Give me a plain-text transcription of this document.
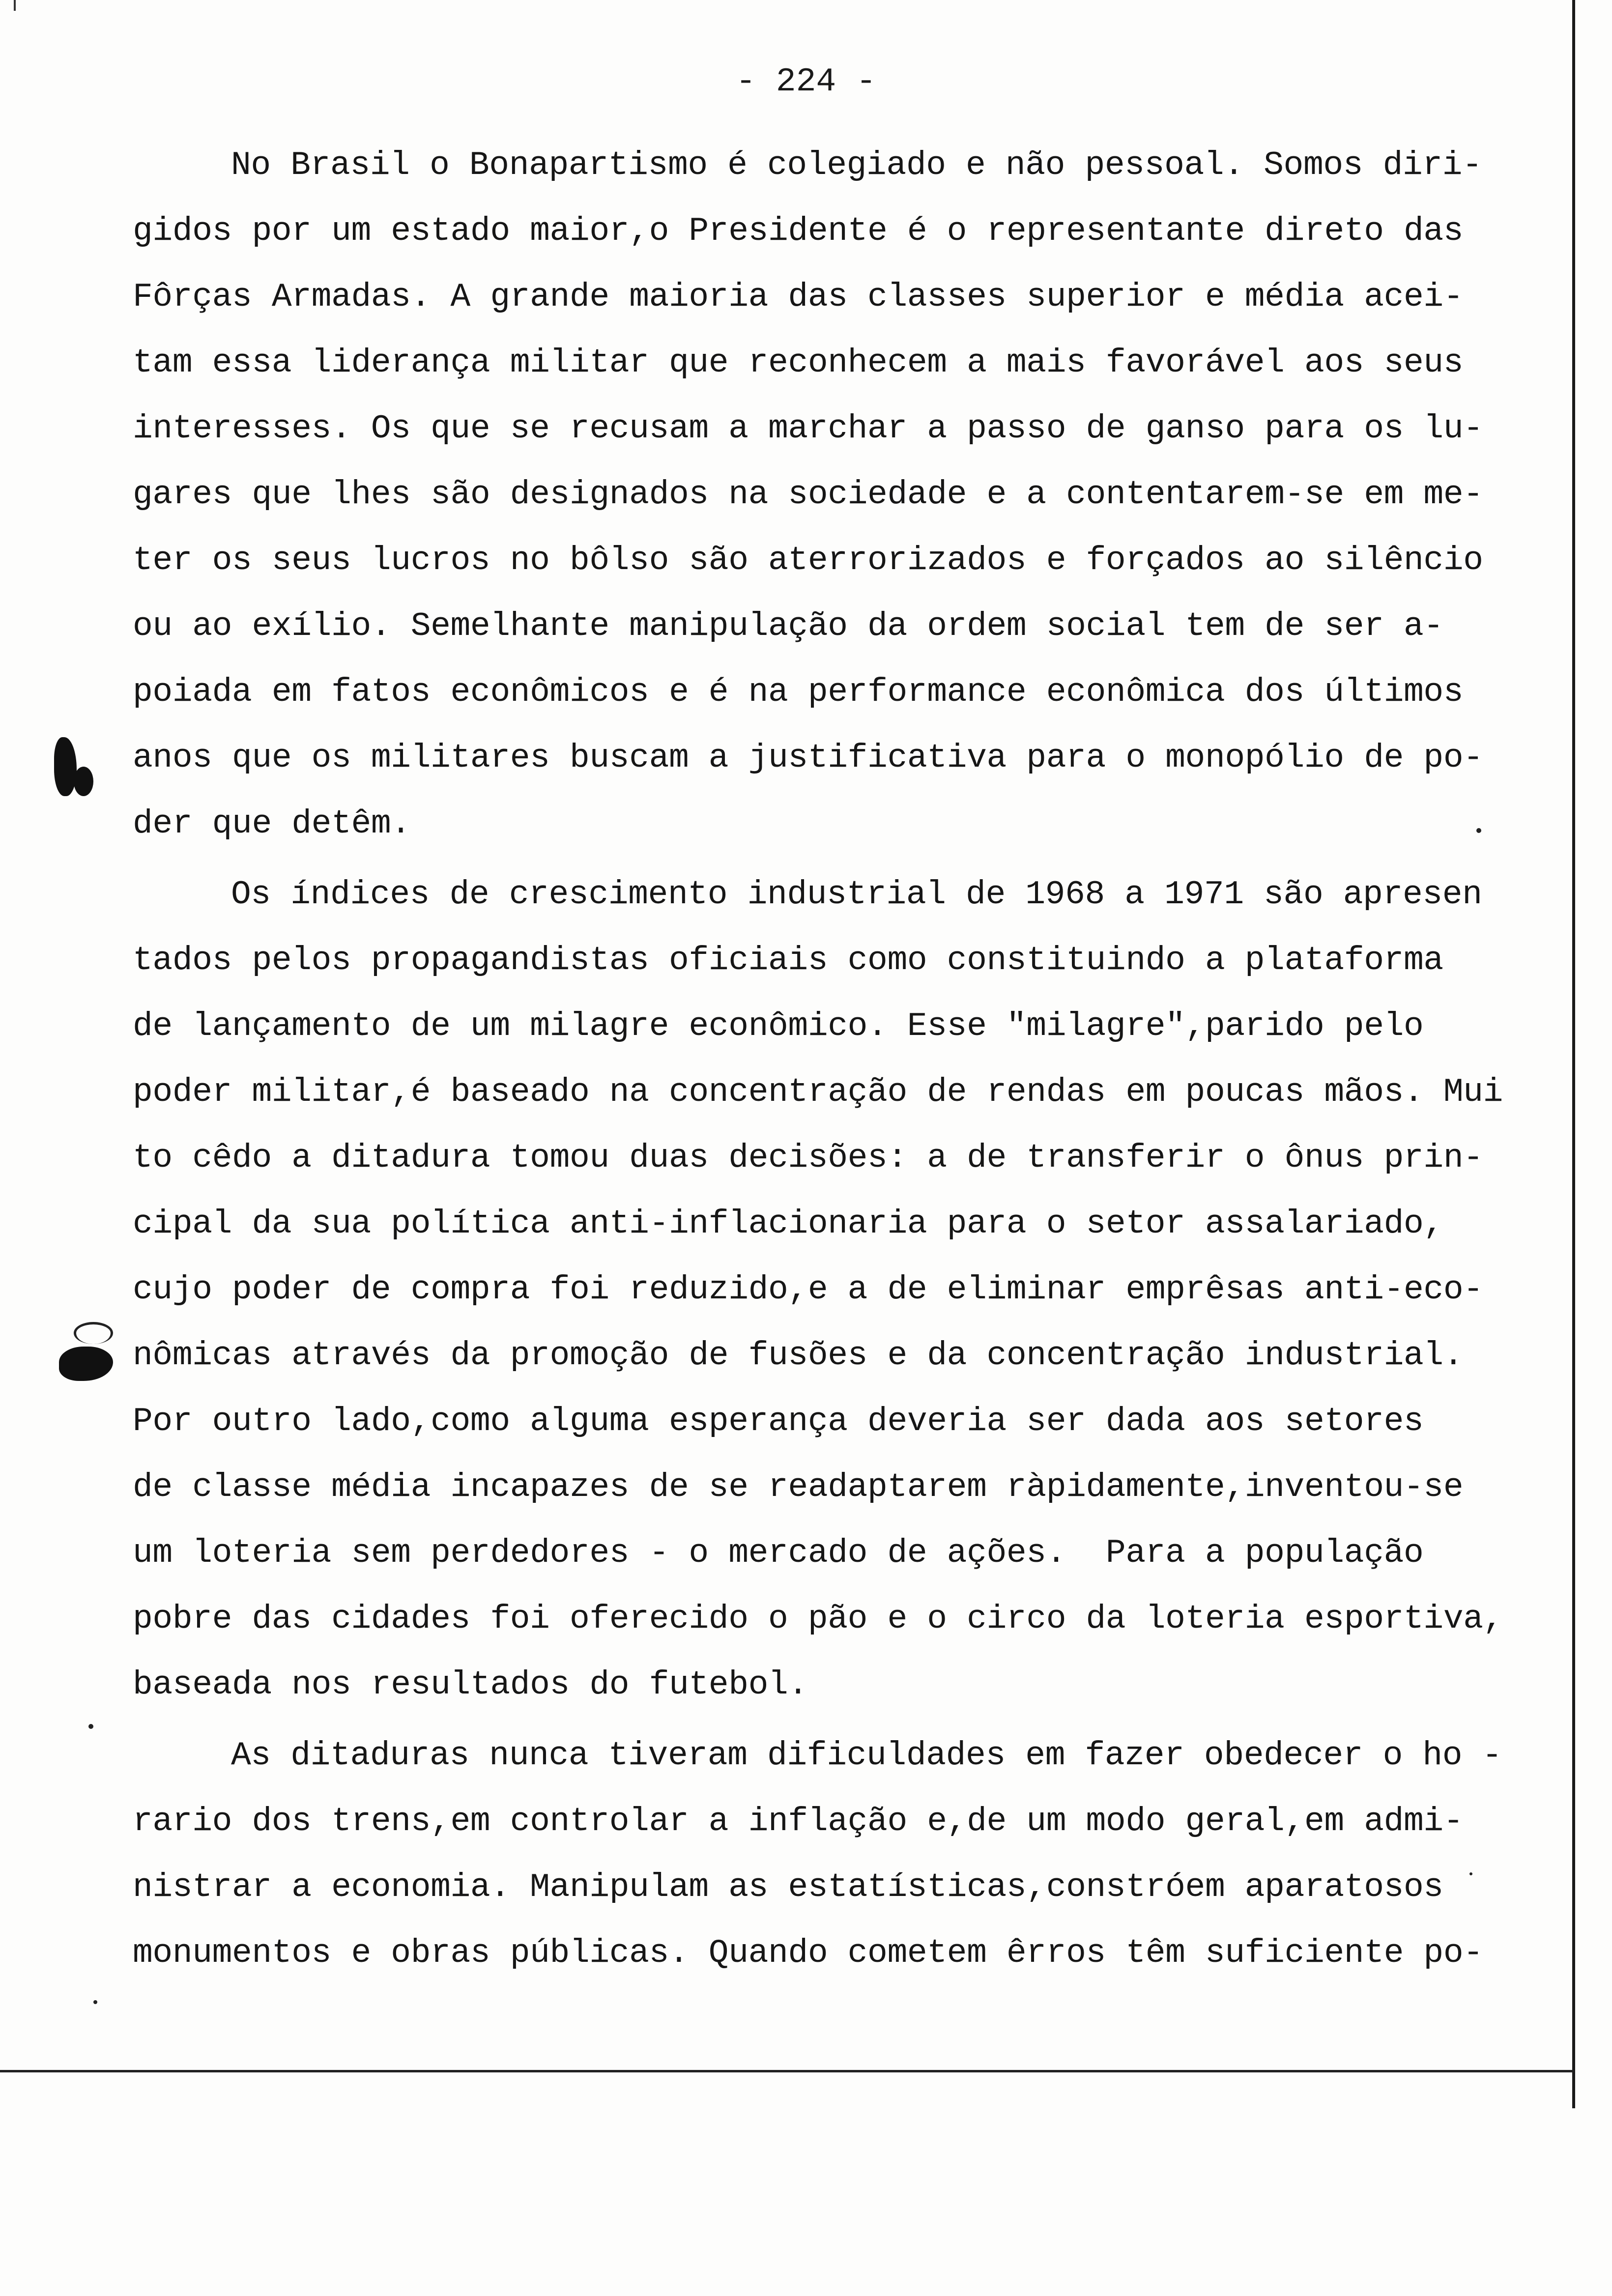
- 224 -
No Brasil o Bonapartismo é colegiado e não pessoal. Somos diri-
gidos por um estado maior,o Presidente é o representante direto das
Fôrças Armadas. A grande maioria das classes superior e média acei-
tam essa liderança militar que reconhecem a mais favorável aos seus
interesses. Os que se recusam a marchar a passo de ganso para os lu-
gares que lhes são designados na sociedade e a contentarem-se em me-
ter os seus lucros no bôlso são aterrorizados e forçados ao silêncio
ou ao exílio. Semelhante manipulação da ordem social tem de ser a-
poiada em fatos econômicos e é na performance econômica dos últimos
anos que os militares buscam a justificativa para o monopólio de po-
der que detêm.
Os índices de crescimento industrial de 1968 a 1971 são apresen
tados pelos propagandistas oficiais como constituindo a plataforma
de lançamento de um milagre econômico. Esse "milagre",parido pelo
poder militar,é baseado na concentração de rendas em poucas mãos. Mui
to cêdo a ditadura tomou duas decisões: a de transferir o ônus prin-
cipal da sua política anti-inflacionaria para o setor assalariado,
cujo poder de compra foi reduzido,e a de eliminar emprêsas anti-eco-
nômicas através da promoção de fusões e da concentração industrial.
Por outro lado,como alguma esperança deveria ser dada aos setores
de classe média incapazes de se readaptarem ràpidamente,inventou-se
um loteria sem perdedores - o mercado de ações.  Para a população
pobre das cidades foi oferecido o pão e o circo da loteria esportiva,
baseada nos resultados do futebol.
As ditaduras nunca tiveram dificuldades em fazer obedecer o ho -
rario dos trens,em controlar a inflação e,de um modo geral,em admi-
nistrar a economia. Manipulam as estatísticas,constróem aparatosos
monumentos e obras públicas. Quando cometem êrros têm suficiente po-
